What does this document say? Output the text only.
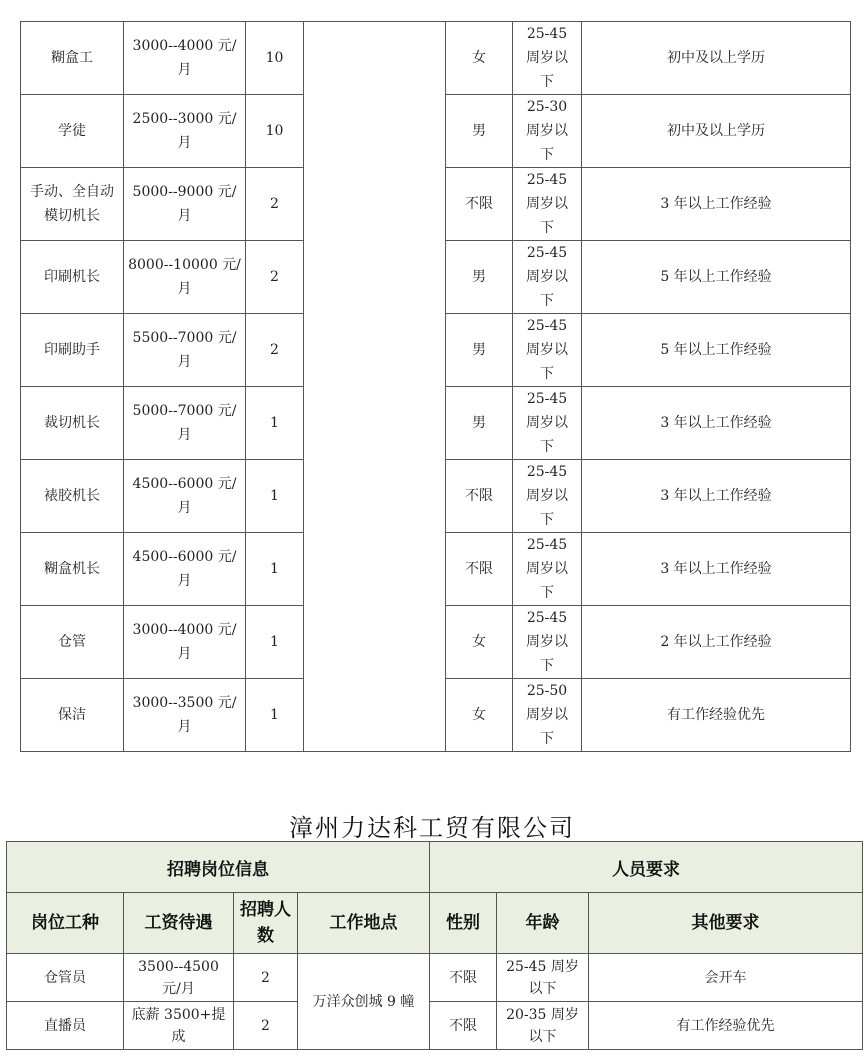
糊盒工	3000--4000 元/月	10		女	25-45 周岁以下	初中及以上学历
学徒	2500--3000 元/月	10		男	25-30 周岁以下	初中及以上学历
手动、全自动模切机长	5000--9000 元/月	2		不限	25-45 周岁以下	3 年以上工作经验
印刷机长	8000--10000 元/月	2		男	25-45 周岁以下	5 年以上工作经验
印刷助手	5500--7000 元/月	2		男	25-45 周岁以下	5 年以上工作经验
裁切机长	5000--7000 元/月	1		男	25-45 周岁以下	3 年以上工作经验
裱胶机长	4500--6000 元/月	1		不限	25-45 周岁以下	3 年以上工作经验
糊盒机长	4500--6000 元/月	1		不限	25-45 周岁以下	3 年以上工作经验
仓管	3000--4000 元/月	1		女	25-45 周岁以下	2 年以上工作经验
保洁	3000--3500 元/月	1		女	25-50 周岁以下	有工作经验优先
漳州力达科工贸有限公司
招聘岗位信息				人员要求		
岗位工种	工资待遇	招聘人数	工作地点	性别	年龄	其他要求
仓管员	3500--4500 元/月	2	万洋众创城 9 幢	不限	25-45 周岁以下	会开车
直播员	底薪 3500+提成	2		不限	20-35 周岁以下	有工作经验优先
